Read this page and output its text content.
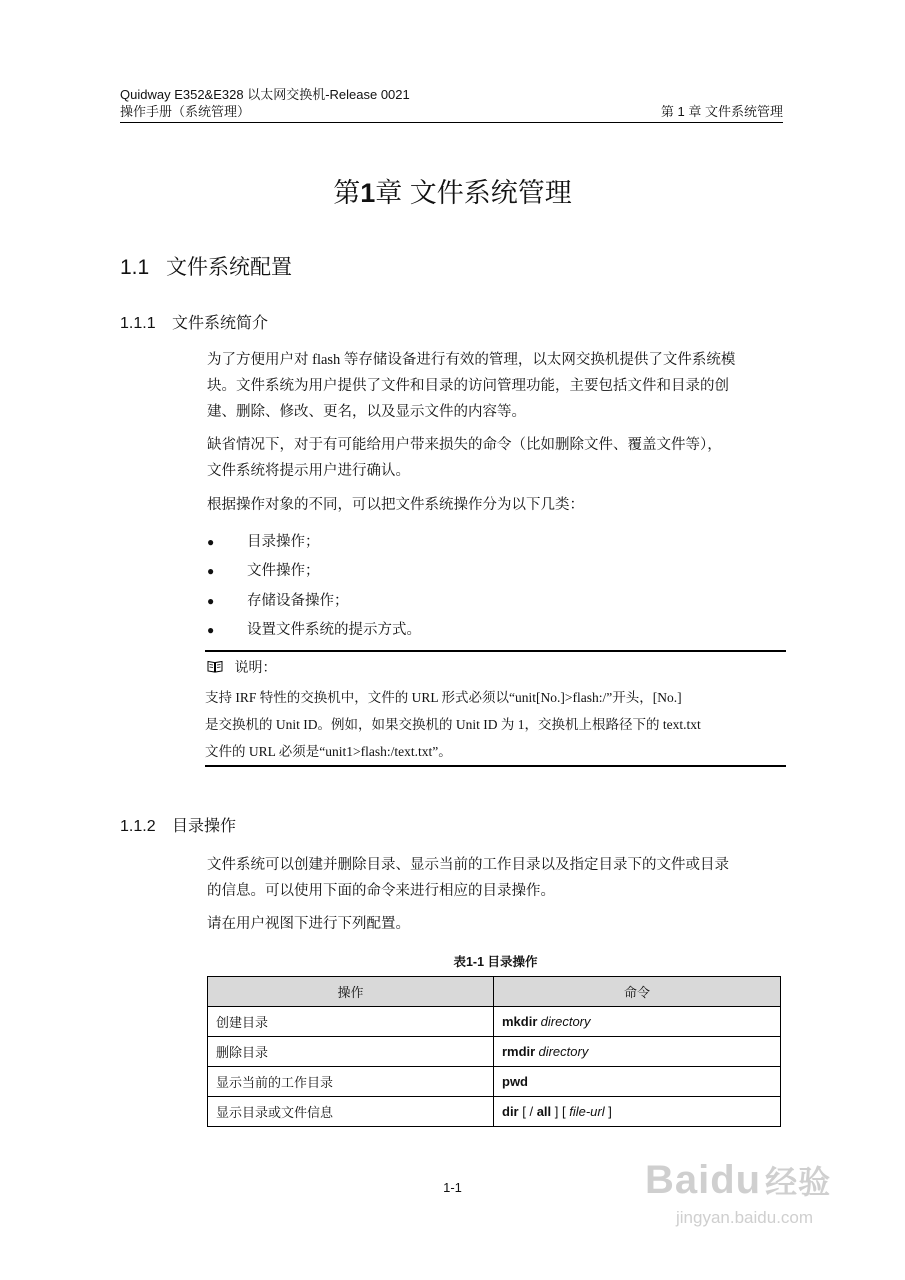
Quidway E352&E328 以太网交换机-Release 0021
操作手册（系统管理）	第 1 章 文件系统管理
第1章 文件系统管理
1.1 文件系统配置
1.1.1 文件系统简介
为了方便用户对 flash 等存储设备进行有效的管理，以太网交换机提供了文件系统模
块。文件系统为用户提供了文件和目录的访问管理功能，主要包括文件和目录的创
建、删除、修改、更名，以及显示文件的内容等。
缺省情况下，对于有可能给用户带来损失的命令（比如删除文件、覆盖文件等），
文件系统将提示用户进行确认。
根据操作对象的不同，可以把文件系统操作分为以下几类：
● 目录操作；
● 文件操作；
● 存储设备操作；
● 设置文件系统的提示方式。
说明：
支持 IRF 特性的交换机中，文件的 URL 形式必须以“unit[No.]>flash:/”开头，[No.]
是交换机的 Unit ID。例如，如果交换机的 Unit ID 为 1，交换机上根路径下的 text.txt
文件的 URL 必须是“unit1>flash:/text.txt”。
1.1.2 目录操作
文件系统可以创建并删除目录、显示当前的工作目录以及指定目录下的文件或目录
的信息。可以使用下面的命令来进行相应的目录操作。
请在用户视图下进行下列配置。
表1-1 目录操作
操作	命令
创建目录	mkdir directory
删除目录	rmdir directory
显示当前的工作目录	pwd
显示目录或文件信息	dir [ / all ] [ file-url ]
1-1	Baidu 经验
jingyan.baidu.com
